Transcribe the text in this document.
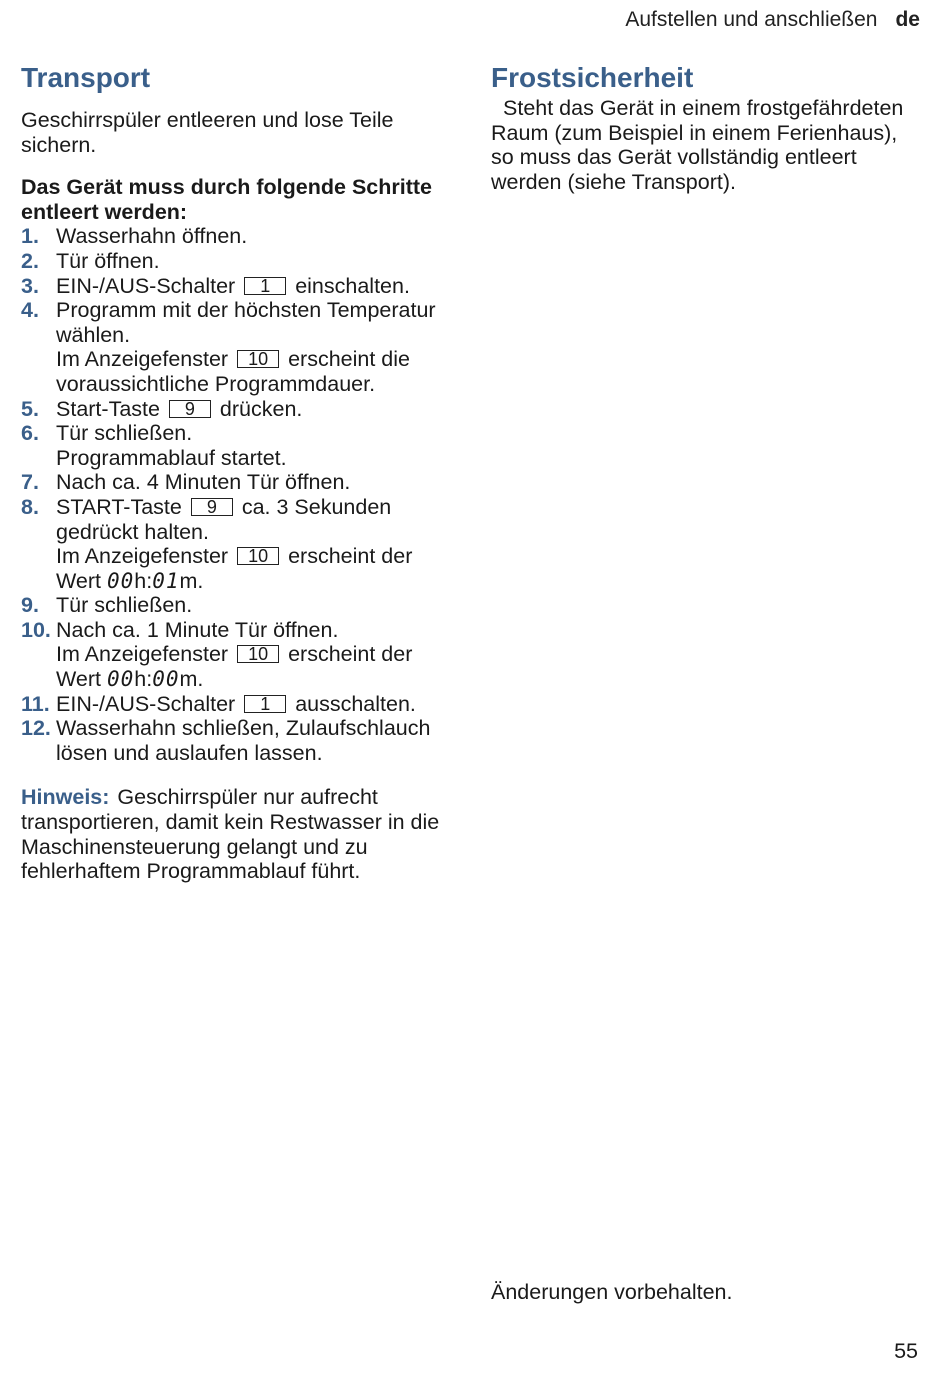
Aufstellen und anschließen de
Transport

Geschirrspüler entleeren und lose Teile sichern.

Das Gerät muss durch folgende Schritte entleert werden:

1. Wasserhahn öffnen.
2. Tür öffnen.
3. EIN-/AUS-Schalter 1 einschalten.
4. Programm mit der höchsten Temperatur wählen.
Im Anzeigefenster 10 erscheint die voraussichtliche Programmdauer.
5. Start-Taste 9 drücken.
6. Tür schließen.
Programmablauf startet.
7. Nach ca. 4 Minuten Tür öffnen.
8. START-Taste 9 ca. 3 Sekunden gedrückt halten.
Im Anzeigefenster 10 erscheint der Wert 00h:01m.
9. Tür schließen.
10. Nach ca. 1 Minute Tür öffnen.
Im Anzeigefenster 10 erscheint der Wert 00h:00m.
11. EIN-/AUS-Schalter 1 ausschalten.
12. Wasserhahn schließen, Zulaufschlauch lösen und auslaufen lassen.

Hinweis: Geschirrspüler nur aufrecht transportieren, damit kein Restwasser in die Maschinensteuerung gelangt und zu fehlerhaftem Programmablauf führt.

Frostsicherheit

Steht das Gerät in einem frostgefährdeten Raum (zum Beispiel in einem Ferienhaus), so muss das Gerät vollständig entleert werden (siehe Transport).

Änderungen vorbehalten.
55
